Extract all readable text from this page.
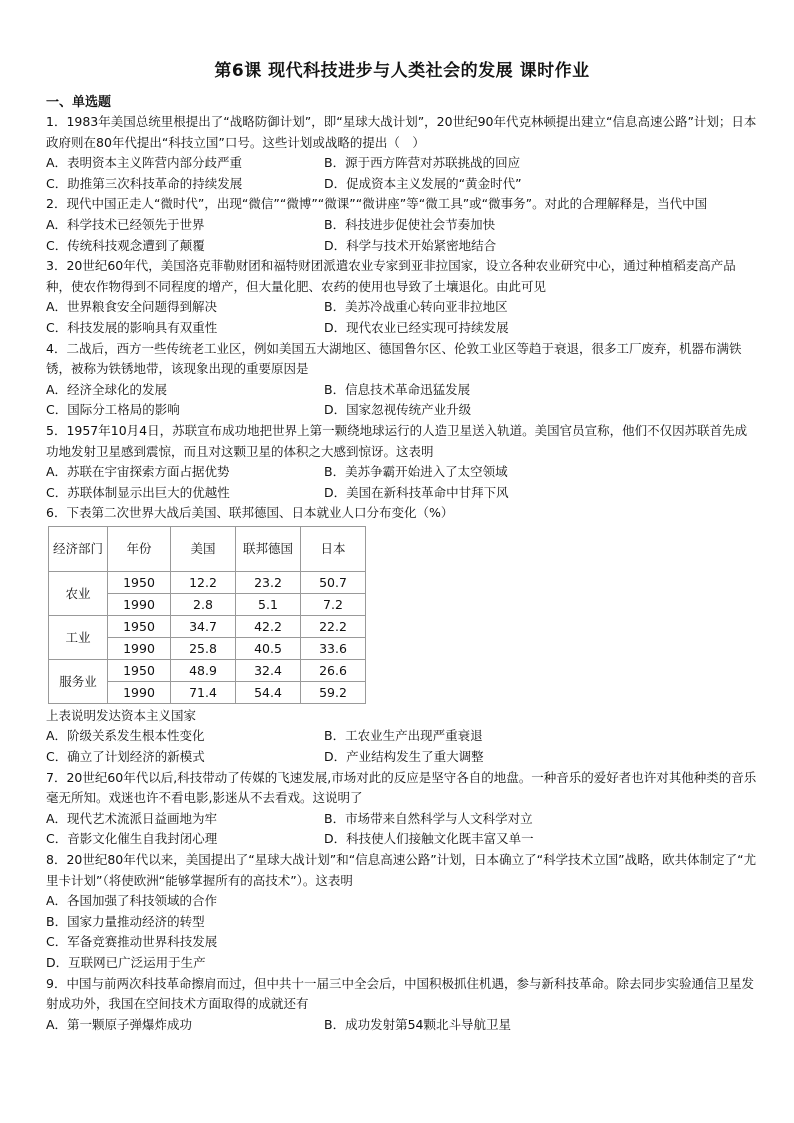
第6课 现代科技进步与人类社会的发展 课时作业
一、单选题

1．1983年美国总统里根提出了“战略防御计划”，即“星球大战计划”，20世纪90年代克林顿提出建立“信息高速公路”计划；日本政府则在80年代提出“科技立国”口号。这些计划或战略的提出（　）

A．表明资本主义阵营内部分歧严重	B．源于西方阵营对苏联挑战的回应
C．助推第三次科技革命的持续发展	D．促成资本主义发展的“黄金时代”

2．现代中国正走人“微时代”，出现“微信”“微博”“微课”“微讲座”等“微工具”或“微事务”。对此的合理解释是，当代中国

A．科学技术已经领先于世界	B．科技进步促使社会节奏加快
C．传统科技观念遭到了颠覆	D．科学与技术开始紧密地结合

3．20世纪60年代，美国洛克菲勒财团和福特财团派遣农业专家到亚非拉国家，设立各种农业研究中心，通过种植稻麦高产品种，使农作物得到不同程度的增产，但大量化肥、农药的使用也导致了土壤退化。由此可见

A．世界粮食安全问题得到解决	B．美苏冷战重心转向亚非拉地区
C．科技发展的影响具有双重性	D．现代农业已经实现可持续发展

4．二战后，西方一些传统老工业区，例如美国五大湖地区、德国鲁尔区、伦敦工业区等趋于衰退，很多工厂废弃，机器布满铁锈，被称为铁锈地带，该现象出现的重要原因是

A．经济全球化的发展	B．信息技术革命迅猛发展
C．国际分工格局的影响	D．国家忽视传统产业升级

5．1957年10月4日，苏联宣布成功地把世界上第一颗绕地球运行的人造卫星送入轨道。美国官员宣称，他们不仅因苏联首先成功地发射卫星感到震惊，而且对这颗卫星的体积之大感到惊讶。这表明

A．苏联在宇宙探索方面占据优势	B．美苏争霸开始进入了太空领域
C．苏联体制显示出巨大的优越性	D．美国在新科技革命中甘拜下风

6．下表第二次世界大战后美国、联邦德国、日本就业人口分布变化（%）

经济部门	年份	美国	联邦德国	日本
农业	1950	12.2	23.2	50.7
	1990	2.8	5.1	7.2
工业	1950	34.7	42.2	22.2
	1990	25.8	40.5	33.6
服务业	1950	48.9	32.4	26.6
	1990	71.4	54.4	59.2

上表说明发达资本主义国家

A．阶级关系发生根本性变化	B．工农业生产出现严重衰退
C．确立了计划经济的新模式	D．产业结构发生了重大调整

7．20世纪60年代以后,科技带动了传媒的飞速发展,市场对此的反应是坚守各自的地盘。一种音乐的爱好者也许对其他种类的音乐毫无所知。戏迷也许不看电影,影迷从不去看戏。这说明了

A．现代艺术流派日益画地为牢	B．市场带来自然科学与人文科学对立
C．音影文化催生自我封闭心理	D．科技使人们接触文化既丰富又单一

8．20世纪80年代以来，美国提出了“星球大战计划”和“信息高速公路”计划，日本确立了“科学技术立国”战略，欧共体制定了“尤里卡计划”（将使欧洲“能够掌握所有的高技术”）。这表明

A．各国加强了科技领域的合作
B．国家力量推动经济的转型
C．军备竞赛推动世界科技发展
D．互联网已广泛运用于生产

9．中国与前两次科技革命擦肩而过，但中共十一届三中全会后，中国积极抓住机遇，参与新科技革命。除去同步实验通信卫星发射成功外，我国在空间技术方面取得的成就还有

A．第一颗原子弹爆炸成功	B．成功发射第54颗北斗导航卫星
